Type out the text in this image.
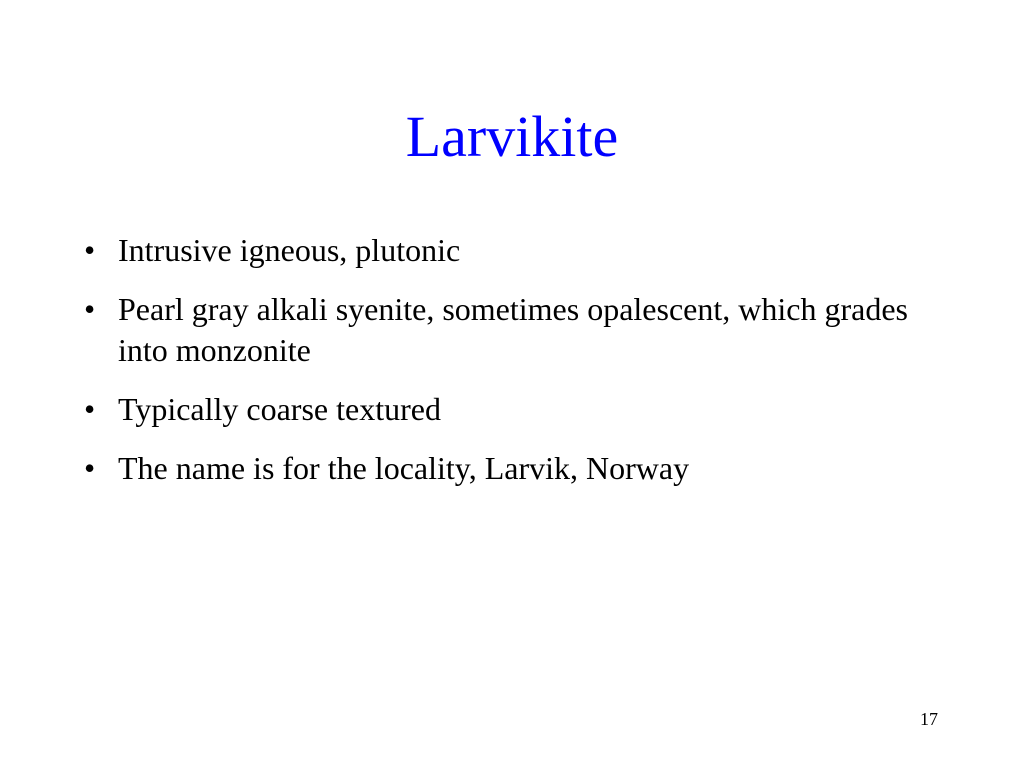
Larvikite
• Intrusive igneous, plutonic
• Pearl gray alkali syenite, sometimes opalescent, which grades into monzonite
• Typically coarse textured
• The name is for the locality, Larvik, Norway
17
